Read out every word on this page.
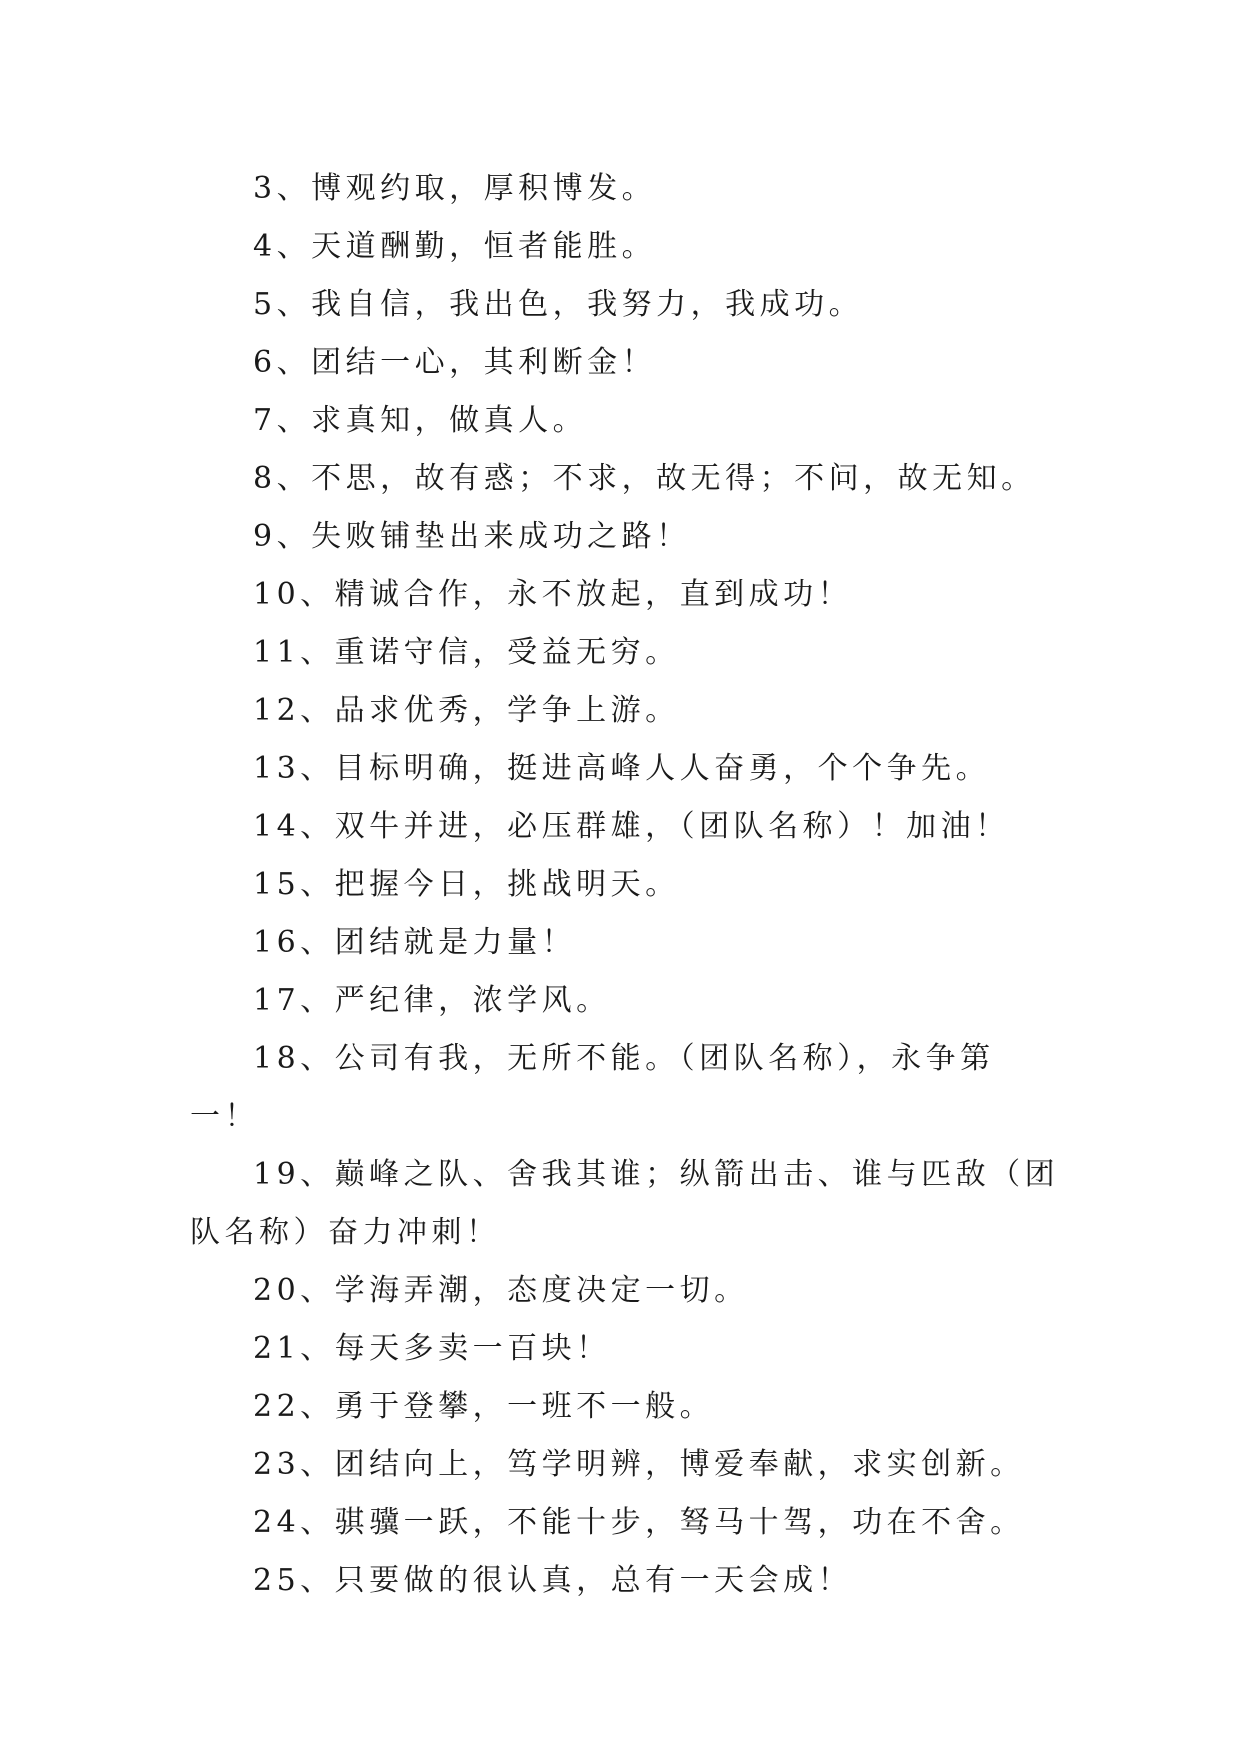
3、博观约取，厚积博发。

4、天道酬勤，恒者能胜。

5、我自信，我出色，我努力，我成功。

6、团结一心，其利断金！

7、求真知，做真人。

8、不思，故有惑；不求，故无得；不问，故无知。

9、失败铺垫出来成功之路！

10、精诚合作，永不放起，直到成功！

11、重诺守信，受益无穷。

12、品求优秀，学争上游。

13、目标明确，挺进高峰人人奋勇，个个争先。

14、双牛并进，必压群雄，（团队名称）！加油！

15、把握今日，挑战明天。

16、团结就是力量！

17、严纪律，浓学风。

18、公司有我，无所不能。（团队名称），永争第一！

19、巅峰之队、舍我其谁；纵箭出击、谁与匹敌（团队名称）奋力冲刺！

20、学海弄潮，态度决定一切。

21、每天多卖一百块！

22、勇于登攀，一班不一般。

23、团结向上，笃学明辨，博爱奉献，求实创新。

24、骐骥一跃，不能十步，驽马十驾，功在不舍。

25、只要做的很认真，总有一天会成！
